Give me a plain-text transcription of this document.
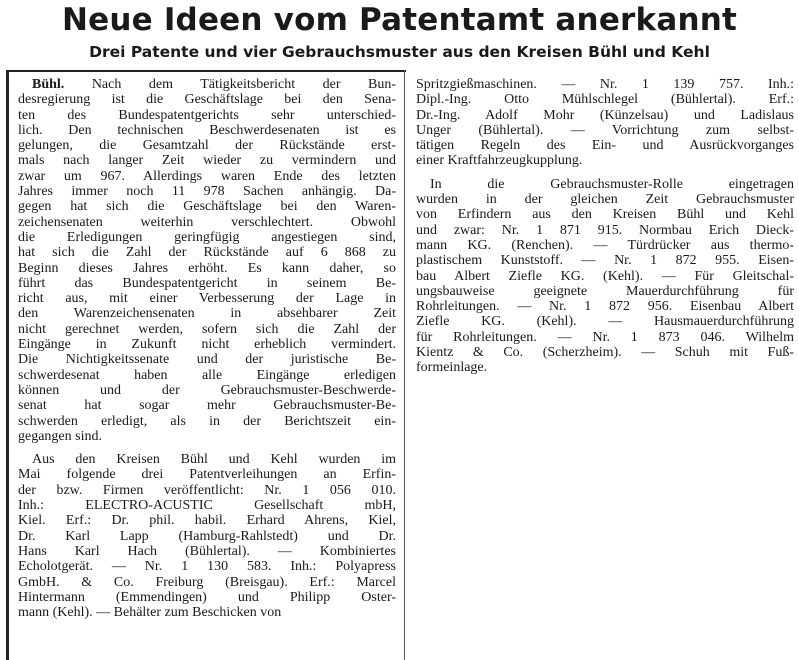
Neue Ideen vom Patentamt anerkannt
Drei Patente und vier Gebrauchsmuster aus den Kreisen Bühl und Kehl
Bühl. Nach dem Tätigkeitsbericht der Bun-
desregierung ist die Geschäftslage bei den Sena-
ten des Bundespatentgerichts sehr unterschied-
lich. Den technischen Beschwerdesenaten ist es
gelungen, die Gesamtzahl der Rückstände erst-
mals nach langer Zeit wieder zu vermindern und
zwar um 967. Allerdings waren Ende des letzten
Jahres immer noch 11 978 Sachen anhängig. Da-
gegen hat sich die Geschäftslage bei den Waren-
zeichensenaten weiterhin verschlechtert. Obwohl
die Erledigungen geringfügig angestiegen sind,
hat sich die Zahl der Rückstände auf 6 868 zu
Beginn dieses Jahres erhöht. Es kann daher, so
führt das Bundespatentgericht in seinem Be-
richt aus, mit einer Verbesserung der Lage in
den Warenzeichensenaten in absehbarer Zeit
nicht gerechnet werden, sofern sich die Zahl der
Eingänge in Zukunft nicht erheblich vermindert.
Die Nichtigkeitssenate und der juristische Be-
schwerdesenat haben alle Eingänge erledigen
können und der Gebrauchsmuster-Beschwerde-
senat hat sogar mehr Gebrauchsmuster-Be-
schwerden erledigt, als in der Berichtszeit ein-
gegangen sind.
Aus den Kreisen Bühl und Kehl wurden im
Mai folgende drei Patentverleihungen an Erfin-
der bzw. Firmen veröffentlicht: Nr. 1 056 010.
Inh.: ELECTRO-ACUSTIC Gesellschaft mbH,
Kiel. Erf.: Dr. phil. habil. Erhard Ahrens, Kiel,
Dr. Karl Lapp (Hamburg-Rahlstedt) und Dr.
Hans Karl Hach (Bühlertal). — Kombiniertes
Echolotgerät. — Nr. 1 130 583. Inh.: Polyapress
GmbH. & Co. Freiburg (Breisgau). Erf.: Marcel
Hintermann (Emmendingen) und Philipp Oster-
mann (Kehl). — Behälter zum Beschicken von
Spritzgießmaschinen. — Nr. 1 139 757. Inh.:
Dipl.-Ing. Otto Mühlschlegel (Bühlertal). Erf.:
Dr.-Ing. Adolf Mohr (Künzelsau) und Ladislaus
Unger (Bühlertal). — Vorrichtung zum selbst-
tätigen Regeln des Ein- und Ausrückvorganges
einer Kraftfahrzeugkupplung.
In die Gebrauchsmuster-Rolle eingetragen
wurden in der gleichen Zeit Gebrauchsmuster
von Erfindern aus den Kreisen Bühl und Kehl
und zwar: Nr. 1 871 915. Normbau Erich Dieck-
mann KG. (Renchen). — Türdrücker aus thermo-
plastischem Kunststoff. — Nr. 1 872 955. Eisen-
bau Albert Ziefle KG. (Kehl). — Für Gleitschal-
ungsbauweise geeignete Mauerdurchführung für
Rohrleitungen. — Nr. 1 872 956. Eisenbau Albert
Ziefle KG. (Kehl). — Hausmauerdurchführung
für Rohrleitungen. — Nr. 1 873 046. Wilhelm
Kientz & Co. (Scherzheim). — Schuh mit Fuß-
formeinlage.
